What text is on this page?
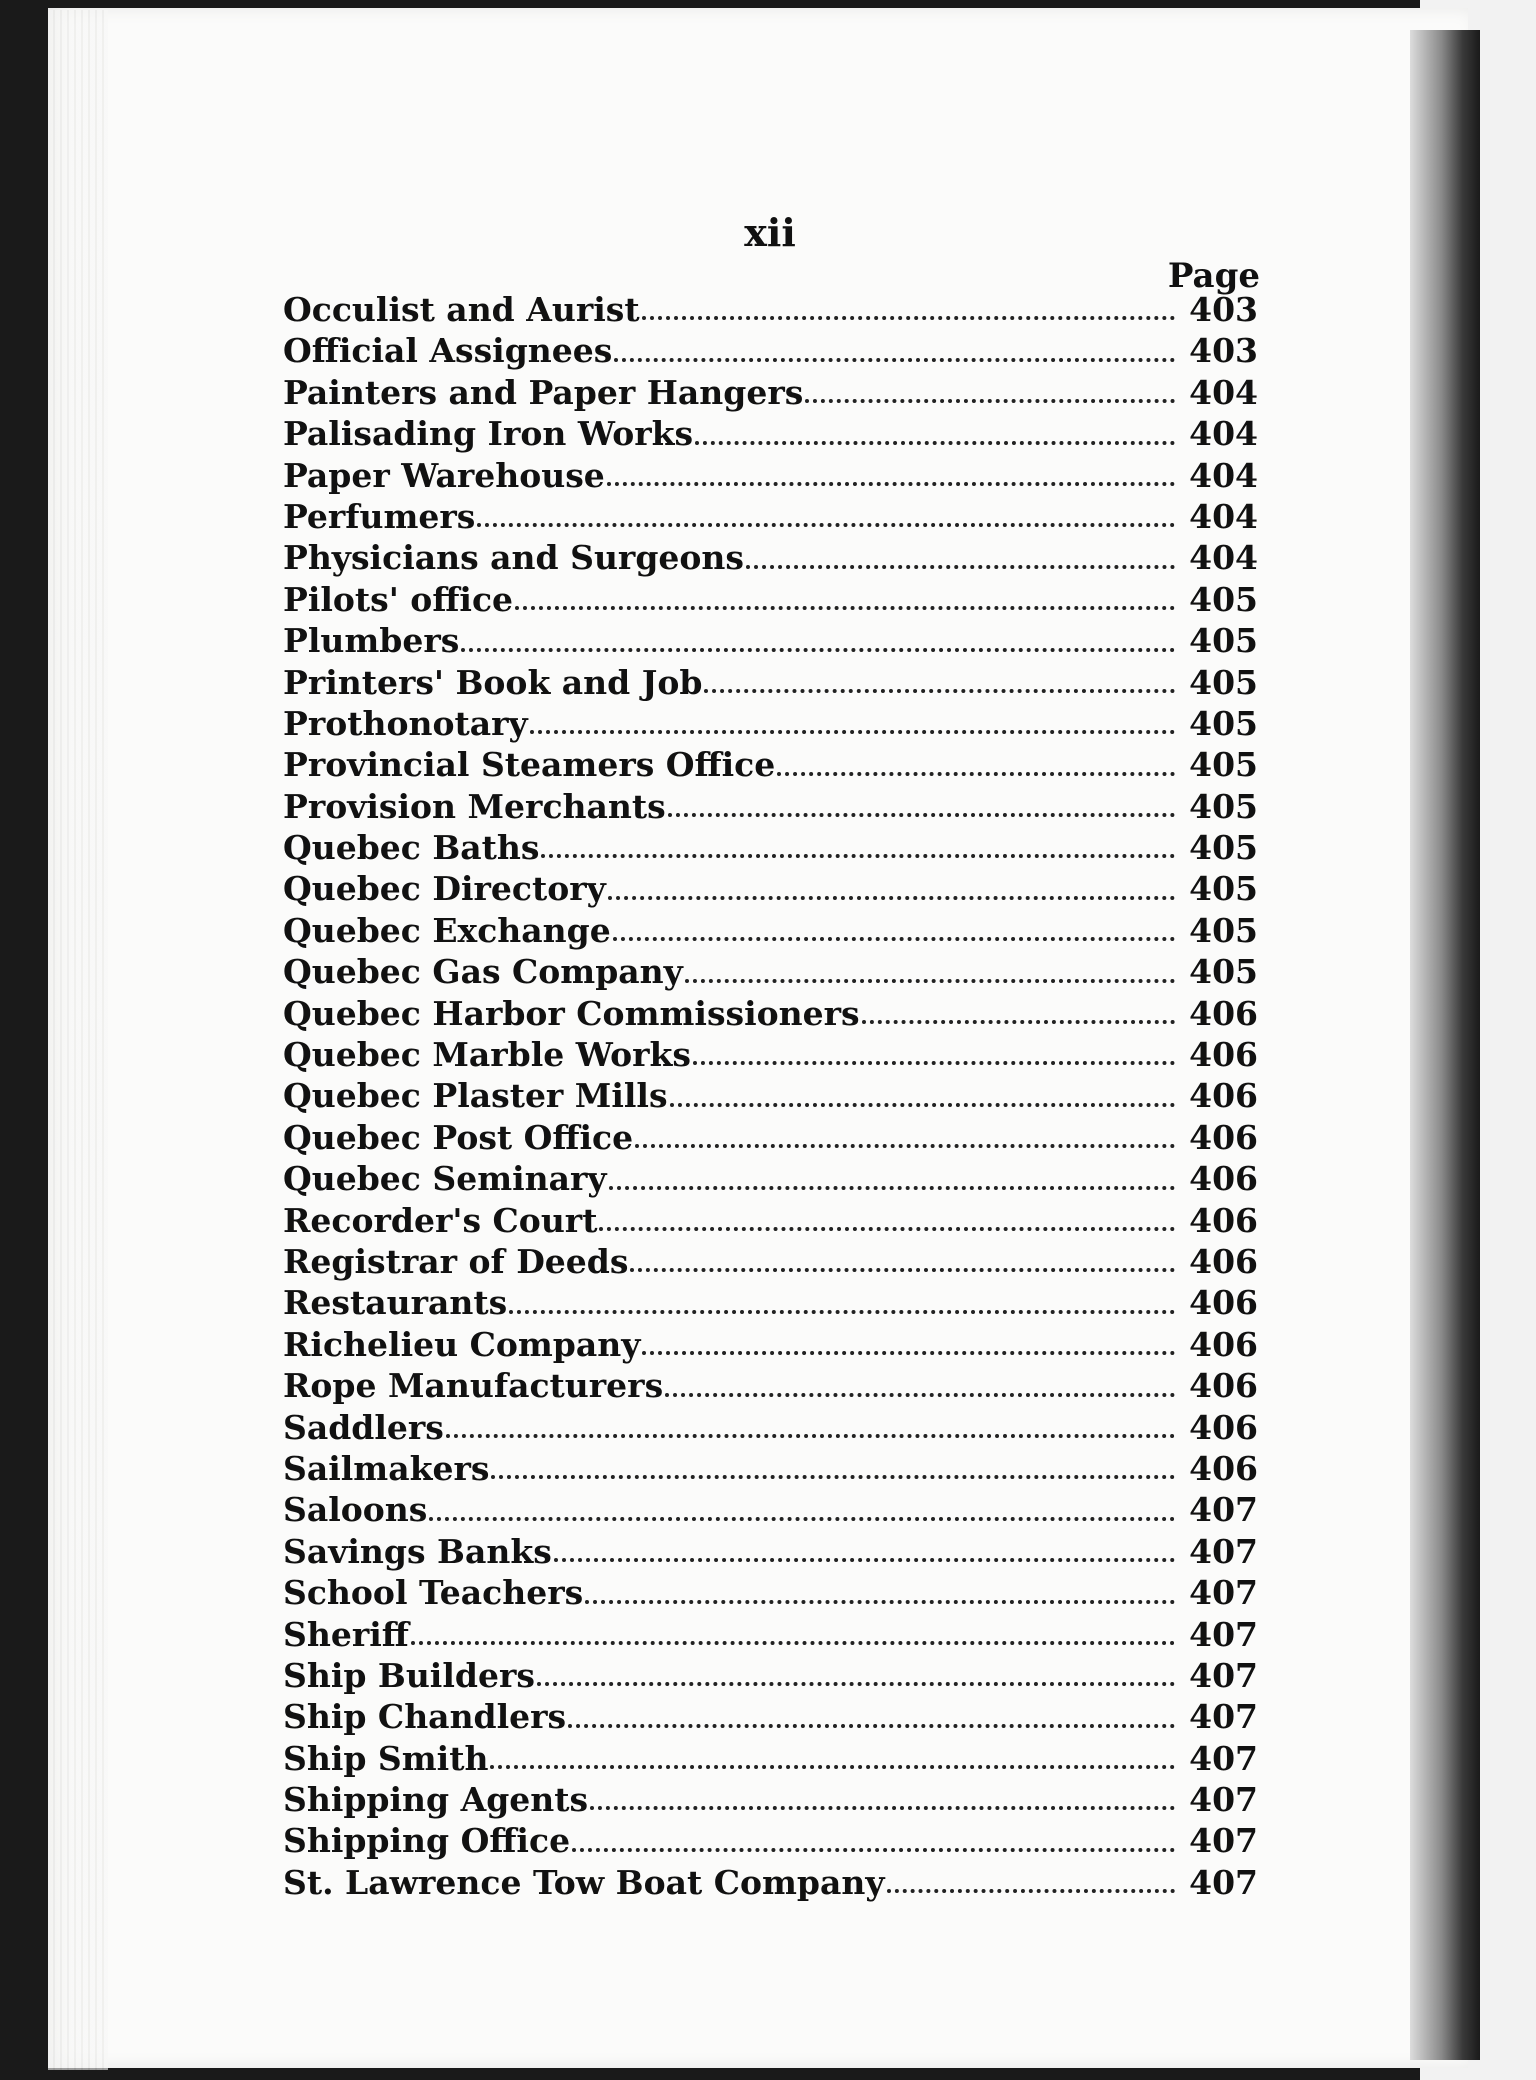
xii
Page
Occulist and Aurist	403
Official Assignees	403
Painters and Paper Hangers	404
Palisading Iron Works	404
Paper Warehouse	404
Perfumers	404
Physicians and Surgeons	404
Pilots' office	405
Plumbers	405
Printers' Book and Job	405
Prothonotary	405
Provincial Steamers Office	405
Provision Merchants	405
Quebec Baths	405
Quebec Directory	405
Quebec Exchange	405
Quebec Gas Company	405
Quebec Harbor Commissioners	406
Quebec Marble Works	406
Quebec Plaster Mills	406
Quebec Post Office	406
Quebec Seminary	406
Recorder's Court	406
Registrar of Deeds	406
Restaurants	406
Richelieu Company	406
Rope Manufacturers	406
Saddlers	406
Sailmakers	406
Saloons	407
Savings Banks	407
School Teachers	407
Sheriff	407
Ship Builders	407
Ship Chandlers	407
Ship Smith	407
Shipping Agents	407
Shipping Office	407
St. Lawrence Tow Boat Company	407
